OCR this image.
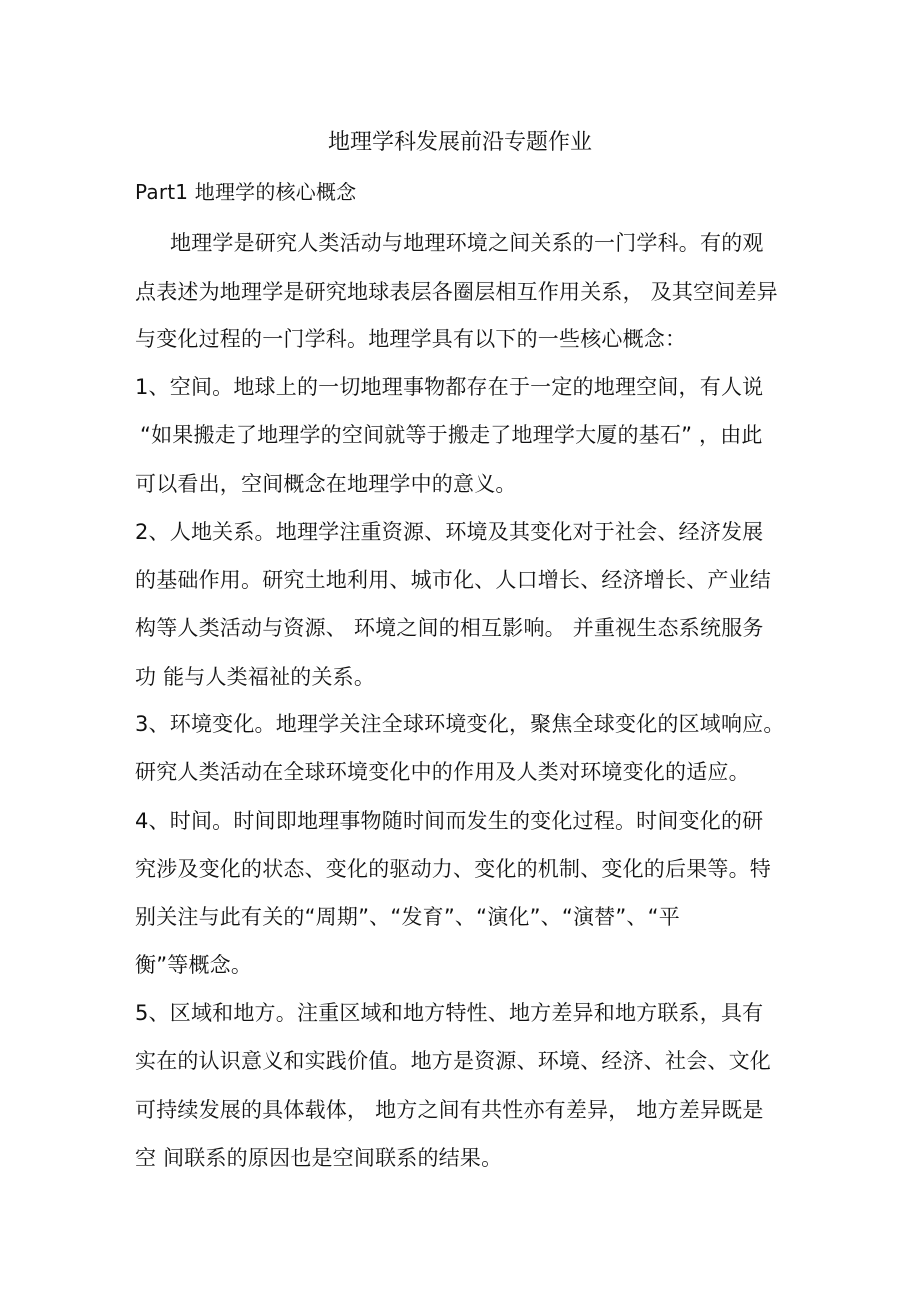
地理学科发展前沿专题作业
Part1 地理学的核心概念
地理学是研究人类活动与地理环境之间关系的一门学科。有的观
点表述为地理学是研究地球表层各圈层相互作用关系， 及其空间差异
与变化过程的一门学科。地理学具有以下的一些核心概念：
1、空间。地球上的一切地理事物都存在于一定的地理空间，有人说
“如果搬走了地理学的空间就等于搬走了地理学大厦的基石” ，由此
可以看出，空间概念在地理学中的意义。
2、人地关系。地理学注重资源、环境及其变化对于社会、经济发展
的基础作用。研究土地利用、城市化、人口增长、经济增长、产业结
构等人类活动与资源、 环境之间的相互影响。 并重视生态系统服务
功 能与人类福祉的关系。
3、环境变化。地理学关注全球环境变化，聚焦全球变化的区域响应。
研究人类活动在全球环境变化中的作用及人类对环境变化的适应。
4、时间。时间即地理事物随时间而发生的变化过程。时间变化的研
究涉及变化的状态、变化的驱动力、变化的机制、变化的后果等。特
别关注与此有关的“周期”、“发育”、“演化”、“演替”、“平
衡”等概念。
5、区域和地方。注重区域和地方特性、地方差异和地方联系，具有
实在的认识意义和实践价值。地方是资源、环境、经济、社会、文化
可持续发展的具体载体， 地方之间有共性亦有差异， 地方差异既是
空 间联系的原因也是空间联系的结果。
